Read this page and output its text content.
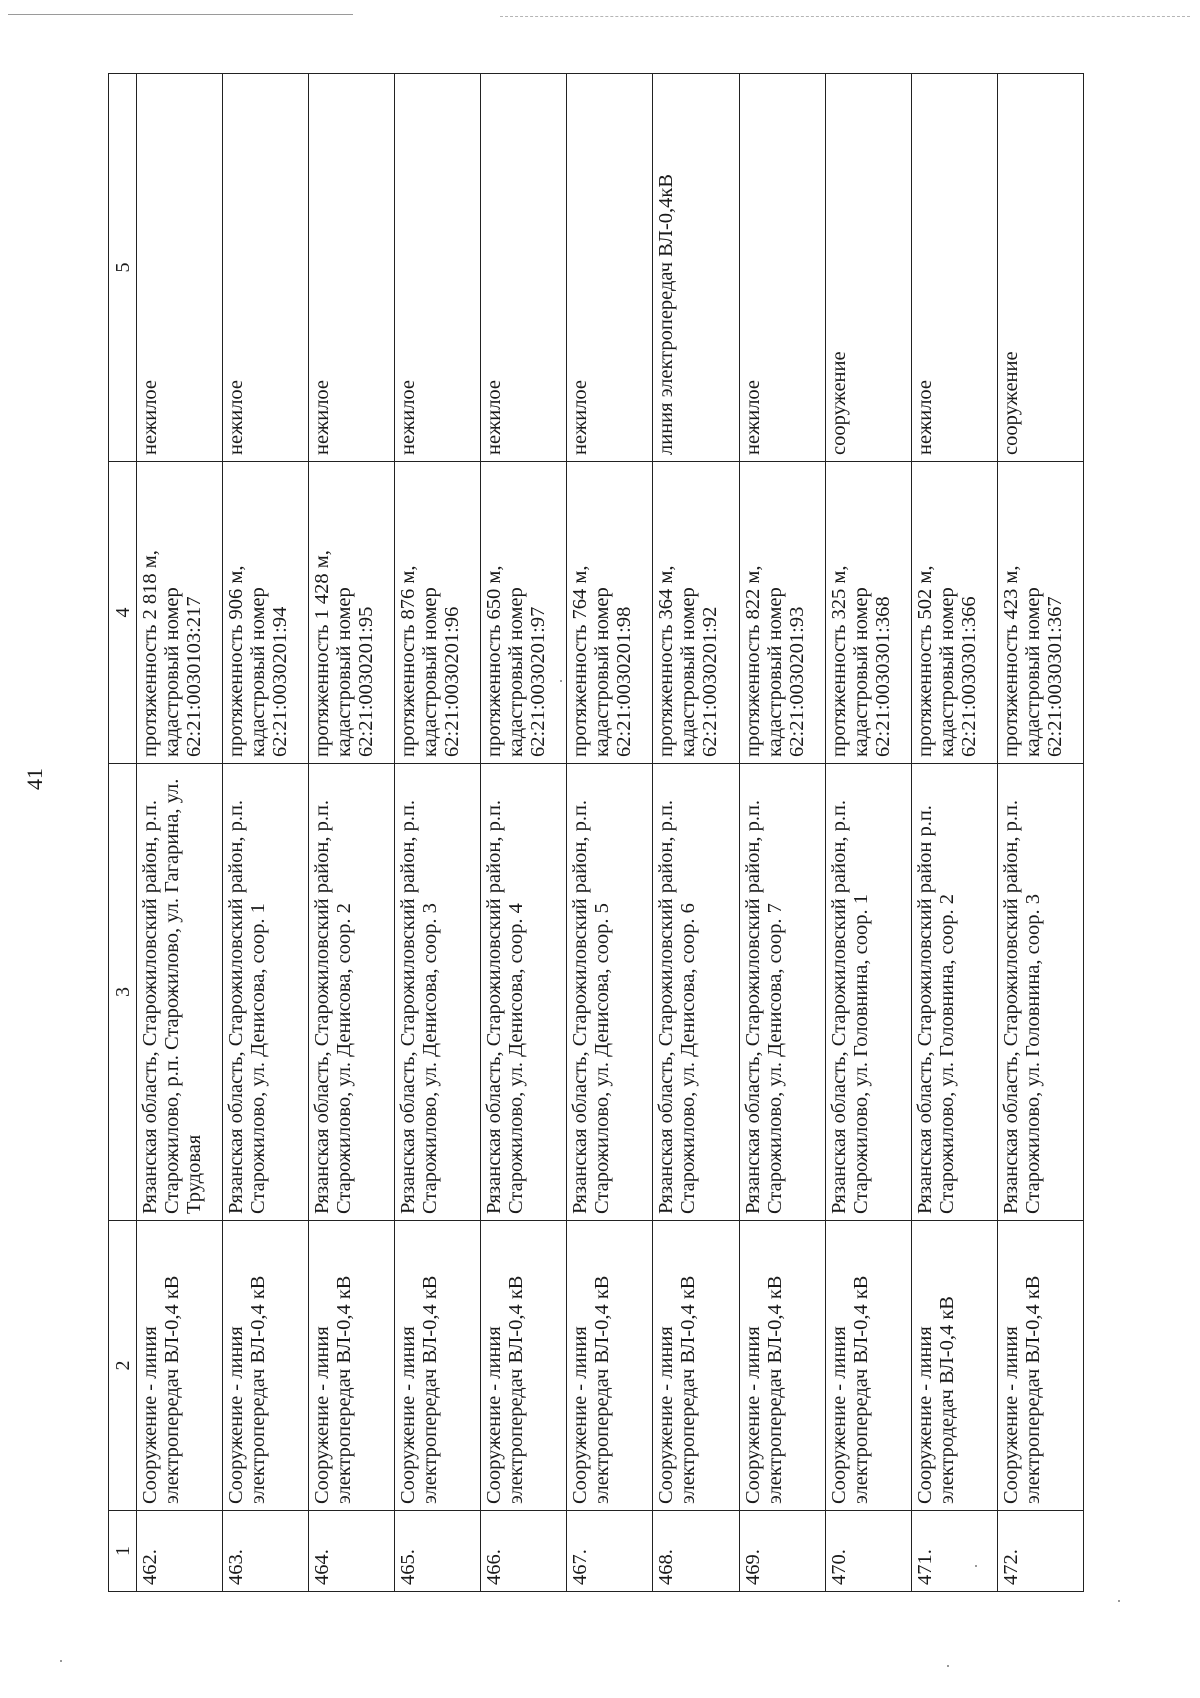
41
1	2	3	4	5
462.	Сооружение - линия электропередач ВЛ-0,4 кВ	Рязанская область, Старожиловский район, р.п. Старожилово, р.п. Старожилово, ул. Гагарина, ул. Трудовая	протяженность 2 818 м, кадастровый номер 62:21:0030103:217	нежилое
463.	Сооружение - линия электропередач ВЛ-0,4 кВ	Рязанская область, Старожиловский район, р.п. Старожилово, ул. Денисова, соор. 1	протяженность 906 м, кадастровый номер 62:21:0030201:94	нежилое
464.	Сооружение - линия электропередач ВЛ-0,4 кВ	Рязанская область, Старожиловский район, р.п. Старожилово, ул. Денисова, соор. 2	протяженность 1 428 м, кадастровый номер 62:21:0030201:95	нежилое
465.	Сооружение - линия электропередач ВЛ-0,4 кВ	Рязанская область, Старожиловский район, р.п. Старожилово, ул. Денисова, соор. 3	протяженность 876 м, кадастровый номер 62:21:0030201:96	нежилое
466.	Сооружение - линия электропередач ВЛ-0,4 кВ	Рязанская область, Старожиловский район, р.п. Старожилово, ул. Денисова, соор. 4	протяженность 650 м, кадастровый номер 62:21:0030201:97	нежилое
467.	Сооружение - линия электропередач ВЛ-0,4 кВ	Рязанская область, Старожиловский район, р.п. Старожилово, ул. Денисова, соор. 5	протяженность 764 м, кадастровый номер 62:21:0030201:98	нежилое
468.	Сооружение - линия электропередач ВЛ-0,4 кВ	Рязанская область, Старожиловский район, р.п. Старожилово, ул. Денисова, соор. 6	протяженность 364 м, кадастровый номер 62:21:0030201:92	линия электропередач ВЛ-0,4кВ
469.	Сооружение - линия электропередач ВЛ-0,4 кВ	Рязанская область, Старожиловский район, р.п. Старожилово, ул. Денисова, соор. 7	протяженность 822 м, кадастровый номер 62:21:0030201:93	нежилое
470.	Сооружение - линия электропередач ВЛ-0,4 кВ	Рязанская область, Старожиловский район, р.п. Старожилово, ул. Головнина, соор. 1	протяженность 325 м, кадастровый номер 62:21:0030301:368	сооружение
471.	Сооружение - линия электродедач ВЛ-0,4 кВ	Рязанская область, Старожиловский район р.п. Старожилово, ул. Головнина, соор. 2	протяженность 502 м, кадастровый номер 62:21:0030301:366	нежилое
472.	Сооружение - линия электропередач ВЛ-0,4 кВ	Рязанская область, Старожиловский район, р.п. Старожилово, ул. Головнина, соор. 3	протяженность 423 м, кадастровый номер 62:21:0030301:367	сооружение
